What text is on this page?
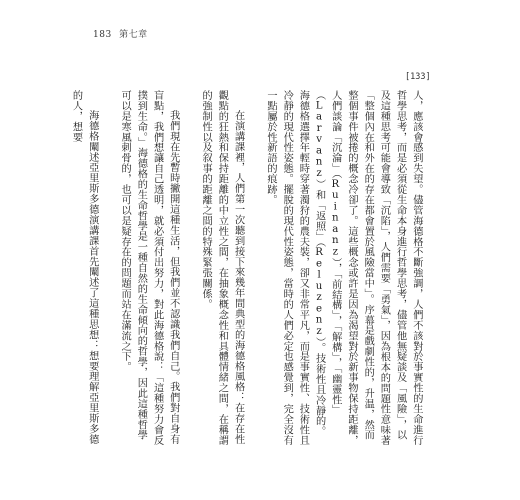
183 第七章
[133]

人，應該會感到失望。儘管海德格不斷強調，人們不該對於事實性的生命進行哲學思考，而是必須從生命本身進行哲學思考，儘管他無疑談及「風險」，以及這種思考可能會導致「沉陷」，人們需要「勇氣」，因為根本的問題性意味著「整個內在和外在的存在都會置於風險當中」。序幕是戲劇性的，升温，然而整個事件被捲的概念冷卻了。這些概念或許是因為渴望對於新事物保持距離，人們談論「沉淪」（Ruinanz），「前結構」，「解構」，「幽靈性」（Larvanz）和「返照」（Reluzenz）。技術性且冷靜的。海德格選擇年輕時穿著濁狩的農夫裝，卻又非常平凡，而是事實性、技術性且冷靜的現代性姿態。擺脫的現代性姿態，當時的人們必定也感覺到，完全沒有一點屬於性新語的痕跡。

在演講課裡，人們第一次聽到接下來幾年間典型的海德格風格：在存在性觀點的狂熱和保持距離的中立性之間，在抽象概念性和具體情緒之間，在稱謂的強制性以及叙事的距離之間的特殊緊張關係。

我們現在先暫時撇開這種生活，但我們並不認識我們自己。我們對自身有盲點，我們想讓自己透明，就必須付出努力，對此海德格說：「這種努力會反撲到生命。」海德格的生命哲學是一種自然的生命傾向的哲學，因此這種哲學可以是寒風刺骨的，也可以是疑存在的問題而站在滿流之下。

海德格闡述亞里斯多德演講課首先闡述了這種思想：想要理解亞里斯多德的人，想要
